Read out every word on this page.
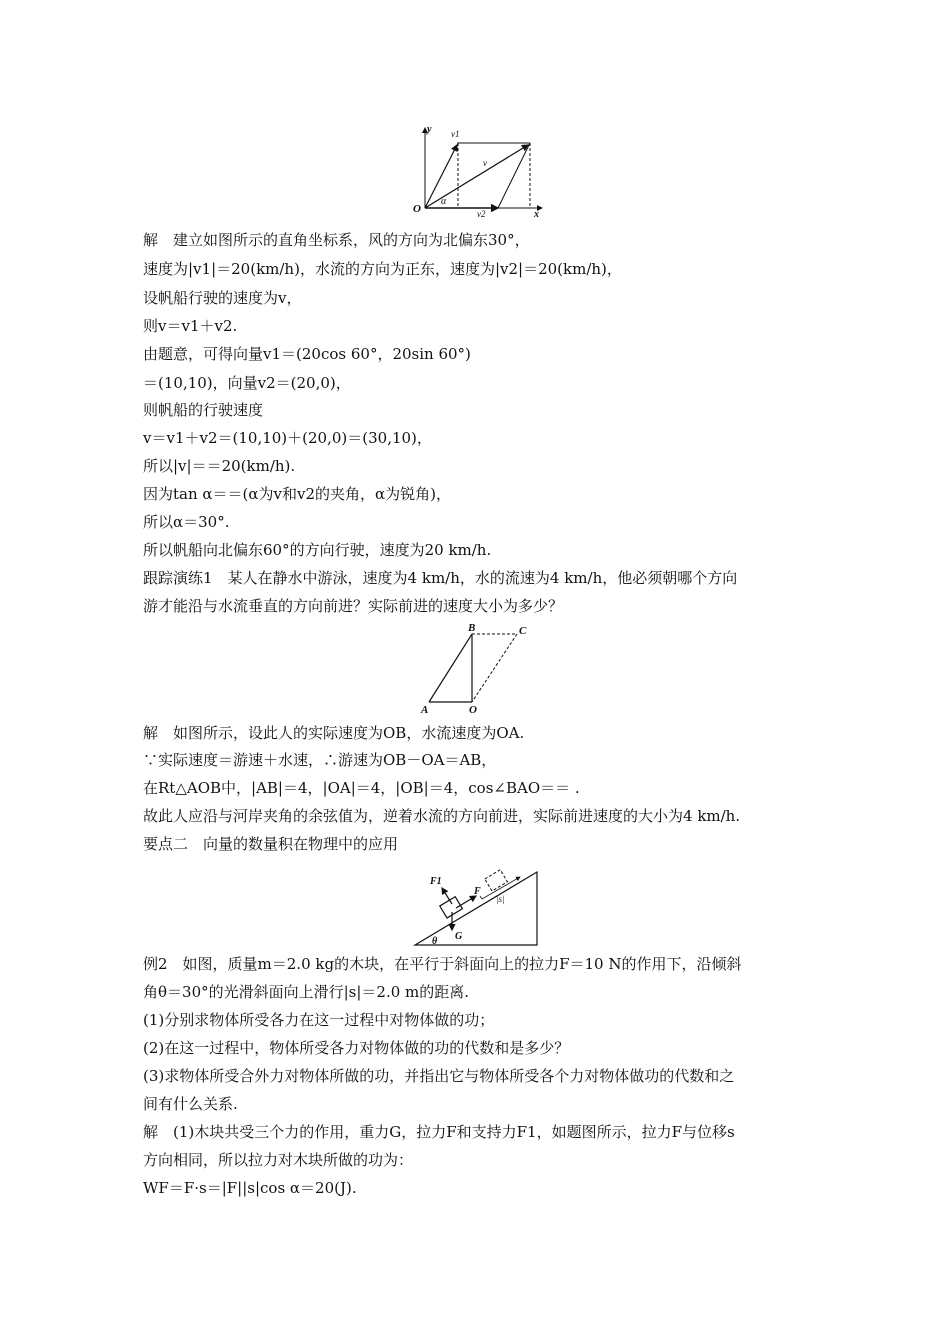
y
x
O
v1
v
v2
α
解　建立如图所示的直角坐标系，风的方向为北偏东30°，
速度为|v1|＝20(km/h)，水流的方向为正东，速度为|v2|＝20(km/h)，
设帆船行驶的速度为v，
则v＝v1＋v2.
由题意，可得向量v1＝(20cos 60°，20sin 60°)
＝(10,10)，向量v2＝(20,0)，
则帆船的行驶速度
v＝v1＋v2＝(10,10)＋(20,0)＝(30,10)，
所以|v|＝＝20(km/h).
因为tan α＝＝(α为v和v2的夹角，α为锐角)，
所以α＝30°.
所以帆船向北偏东60°的方向行驶，速度为20 km/h.
跟踪演练1　某人在静水中游泳，速度为4 km/h，水的流速为4 km/h，他必须朝哪个方向
游才能沿与水流垂直的方向前进？实际前进的速度大小为多少？
B	C
A	O
解　如图所示，设此人的实际速度为OB，水流速度为OA.
∵实际速度＝游速＋水速，∴游速为OB－OA＝AB，
在Rt△AOB中，|AB|＝4，|OA|＝4，|OB|＝4，cos∠BAO＝＝ .
故此人应沿与河岸夹角的余弦值为，逆着水流的方向前进，实际前进速度的大小为4 km/h.
要点二　向量的数量积在物理中的应用
F1
F
|s|
G
θ
例2　如图，质量m＝2.0 kg的木块，在平行于斜面向上的拉力F＝10 N的作用下，沿倾斜
角θ＝30°的光滑斜面向上滑行|s|＝2.0 m的距离.
(1)分别求物体所受各力在这一过程中对物体做的功；
(2)在这一过程中，物体所受各力对物体做的功的代数和是多少？
(3)求物体所受合外力对物体所做的功，并指出它与物体所受各个力对物体做功的代数和之
间有什么关系.
解　(1)木块共受三个力的作用，重力G，拉力F和支持力F1，如题图所示，拉力F与位移s
方向相同，所以拉力对木块所做的功为：
WF＝F·s＝|F||s|cos α＝20(J).
